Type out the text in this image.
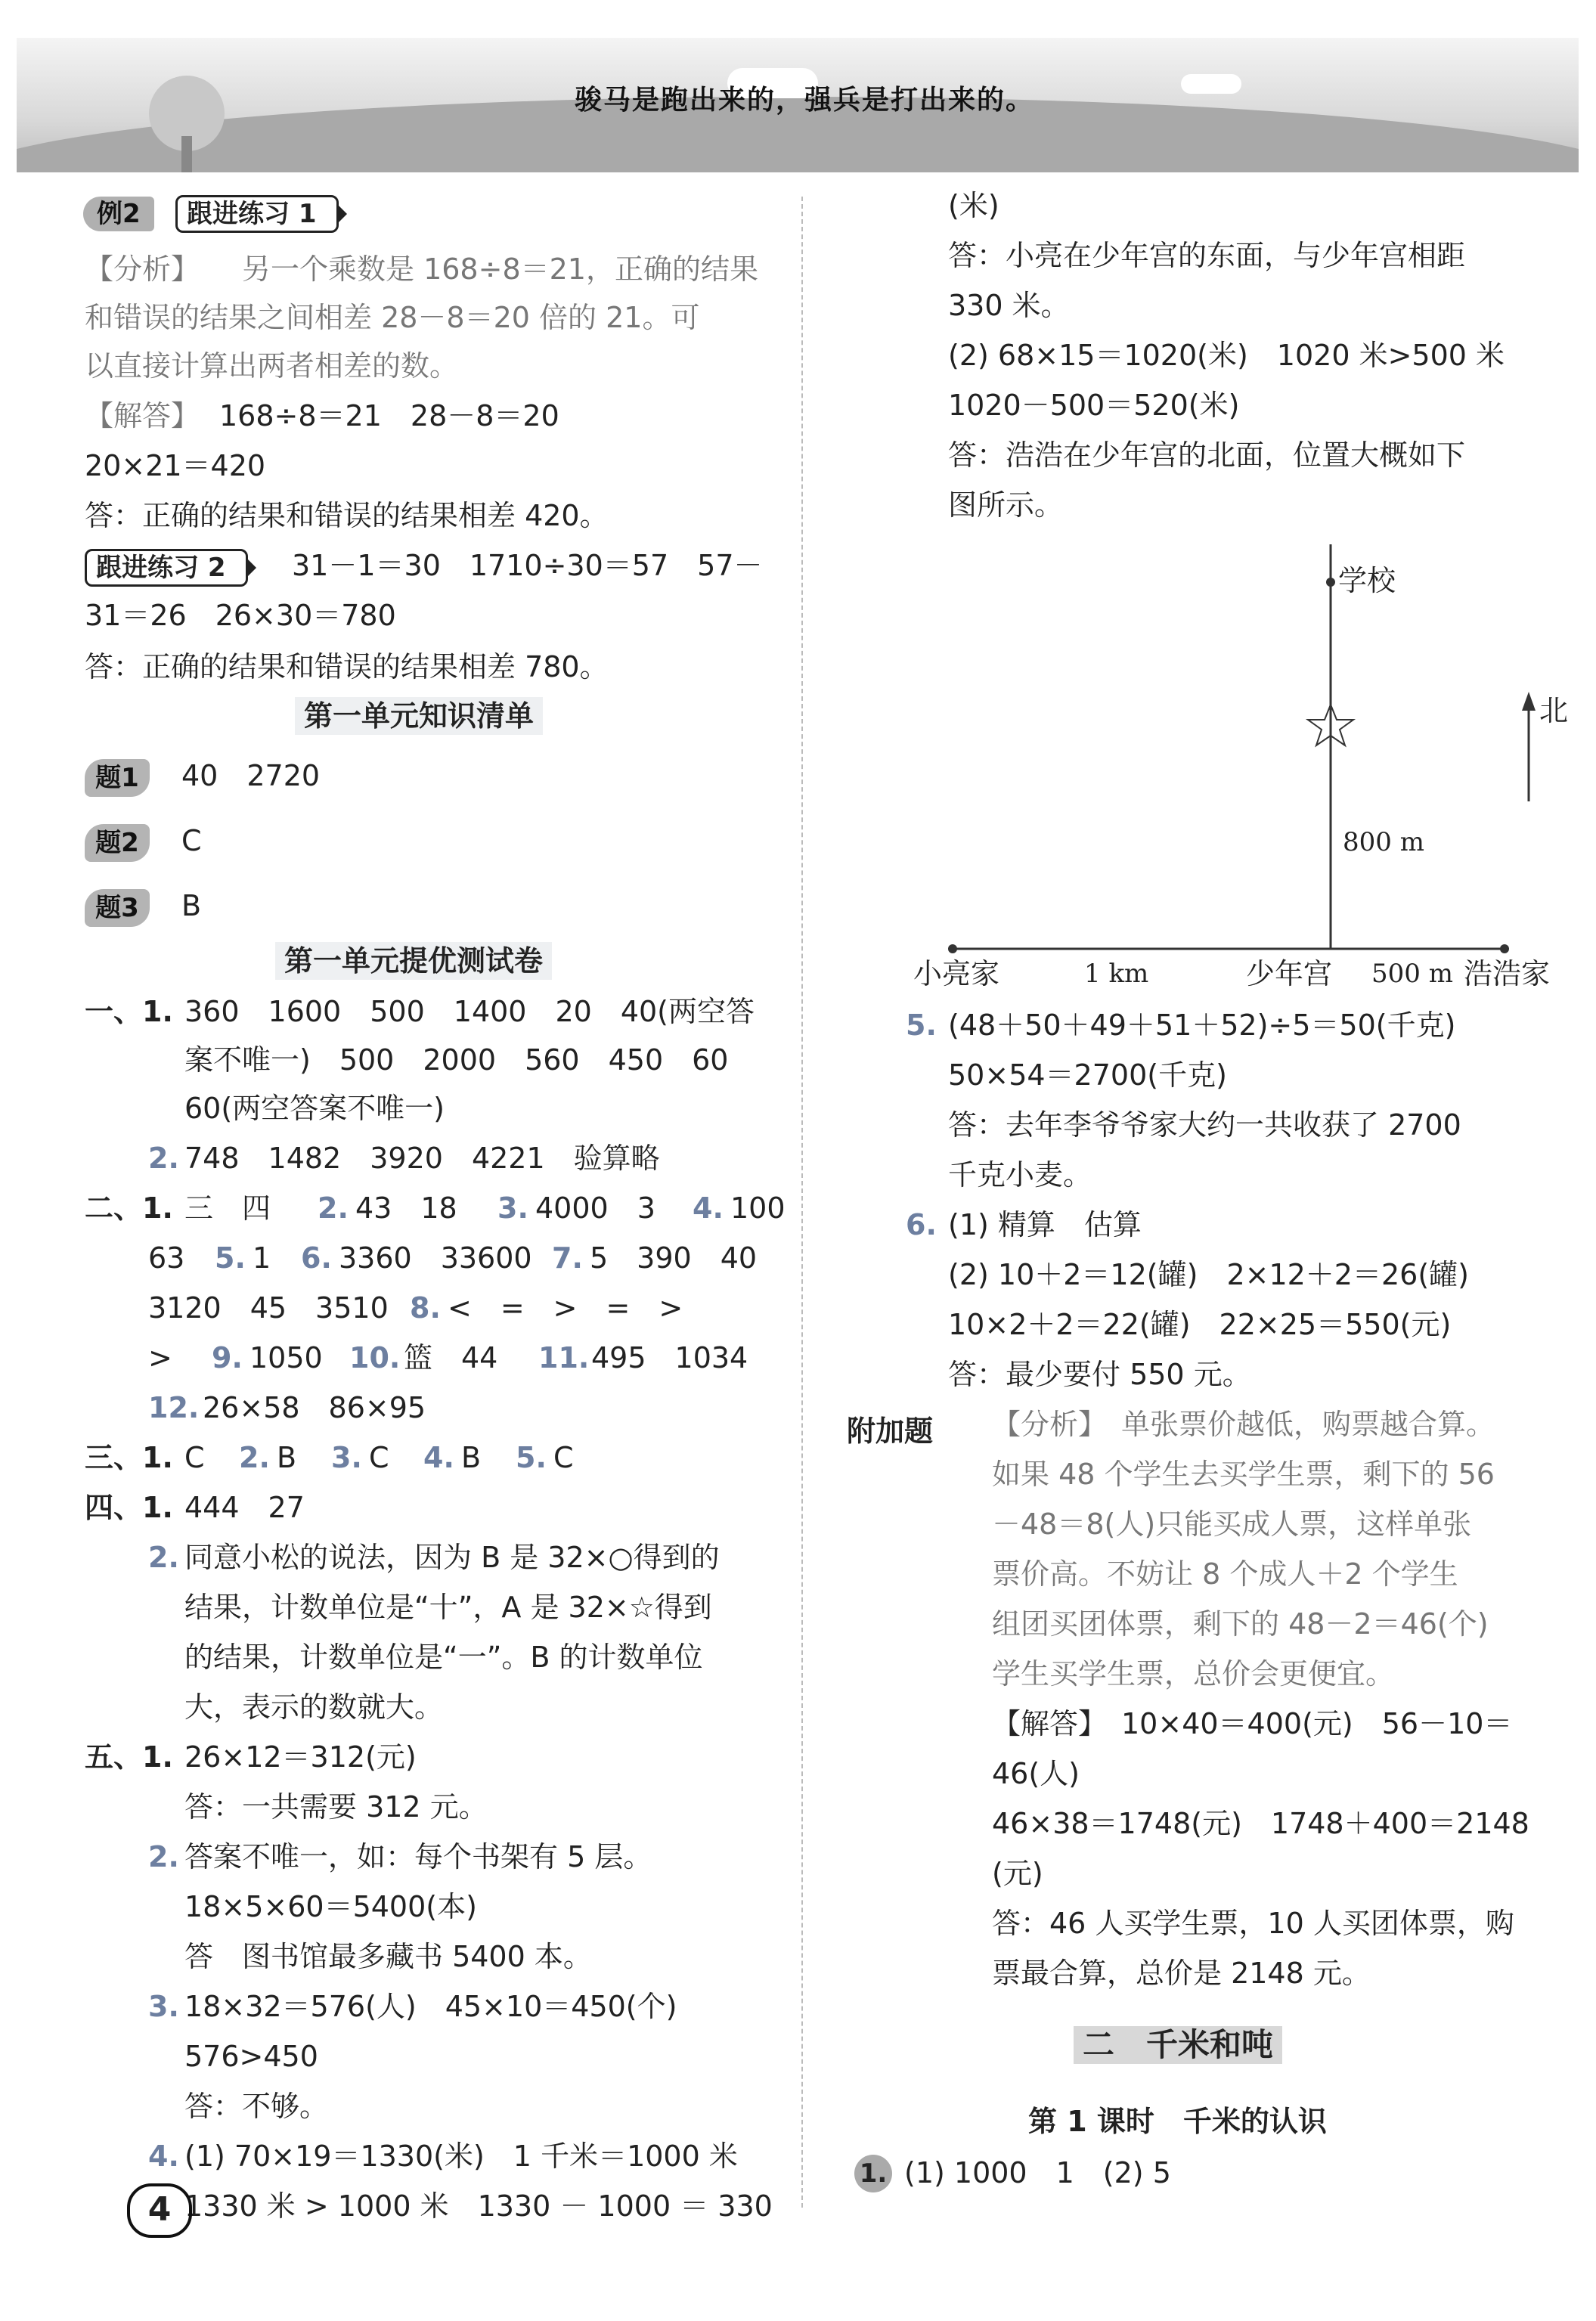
骏马是跑出来的，强兵是打出来的。
例2	跟进练习 1
【分析】 另一个乘数是 168÷8＝21，正确的结果
和错误的结果之间相差 28－8＝20 倍的 21。可
以直接计算出两者相差的数。
【解答】 168÷8＝21　28－8＝20
20×21＝420
答：正确的结果和错误的结果相差 420。
跟进练习 2	31－1＝30　1710÷30＝57　57－
31＝26　26×30＝780
答：正确的结果和错误的结果相差 780。
第一单元知识清单
题1	40　2720
题2	C
题3	B
第一单元提优测试卷
一、1. 360　1600　500　1400　20　40(两空答
案不唯一)　500　2000　560　450　60
60(两空答案不唯一)
2. 748　1482　3920　4221　验算略
二、1. 三　四　 2. 43　18　 3. 4000　3　 4. 100
63　 5. 1　 6. 3360　33600　
7. 5　390　40
3120　45　3510　
8. <　=　>　=　>
>　 9. 1050　
10. 篮　44　 11. 495　1034
12. 26×58　86×95
三、1. C　 2. B　 3. C　 4. B　 5. C
四、1. 444　27
2. 同意小松的说法，因为 B 是 32×○得到的
结果，计数单位是“十”，A 是 32×☆得到
的结果，计数单位是“一”。B 的计数单位
大，表示的数就大。
五、1. 26×12＝312(元)
答：一共需要 312 元。
2. 答案不唯一，如：每个书架有 5 层。
18×5×60＝5400(本)
答　图书馆最多藏书 5400 本。
3. 18×32＝576(人)　45×10＝450(个)
576>450
答：不够。
4. (1) 70×19＝1330(米)　1 千米＝1000 米
1330 米 > 1000 米　1330 － 1000 ＝ 330
4
(米)
答：小亮在少年宫的东面，与少年宫相距
330 米。
(2) 68×15＝1020(米)　1020 米>500 米
1020－500＝520(米)
答：浩浩在少年宫的北面，位置大概如下
图所示。
学校
北
800 m
小亮家	1 km	少年宫 500 m 浩浩家
5. (48＋50＋49＋51＋52)÷5＝50(千克)
50×54＝2700(千克)
答：去年李爷爷家大约一共收获了 2700
千克小麦。
6. (1) 精算　估算
(2) 10＋2＝12(罐)　2×12＋2＝26(罐)
10×2＋2＝22(罐)　22×25＝550(元)
答：最少要付 550 元。
附加题 【分析】　单张票价越低，购票越合算。
如果 48 个学生去买学生票，剩下的 56
－48＝8(人)只能买成人票，这样单张
票价高。不妨让 8 个成人＋2 个学生
组团买团体票，剩下的 48－2＝46(个)
学生买学生票，总价会更便宜。
【解答】　10×40＝400(元)　56－10＝
46(人)
46×38＝1748(元)　1748＋400＝2148
(元)
答：46 人买学生票，10 人买团体票，购
票最合算，总价是 2148 元。
二　千米和吨
第 1 课时　千米的认识
1. (1) 1000　1　(2) 5
